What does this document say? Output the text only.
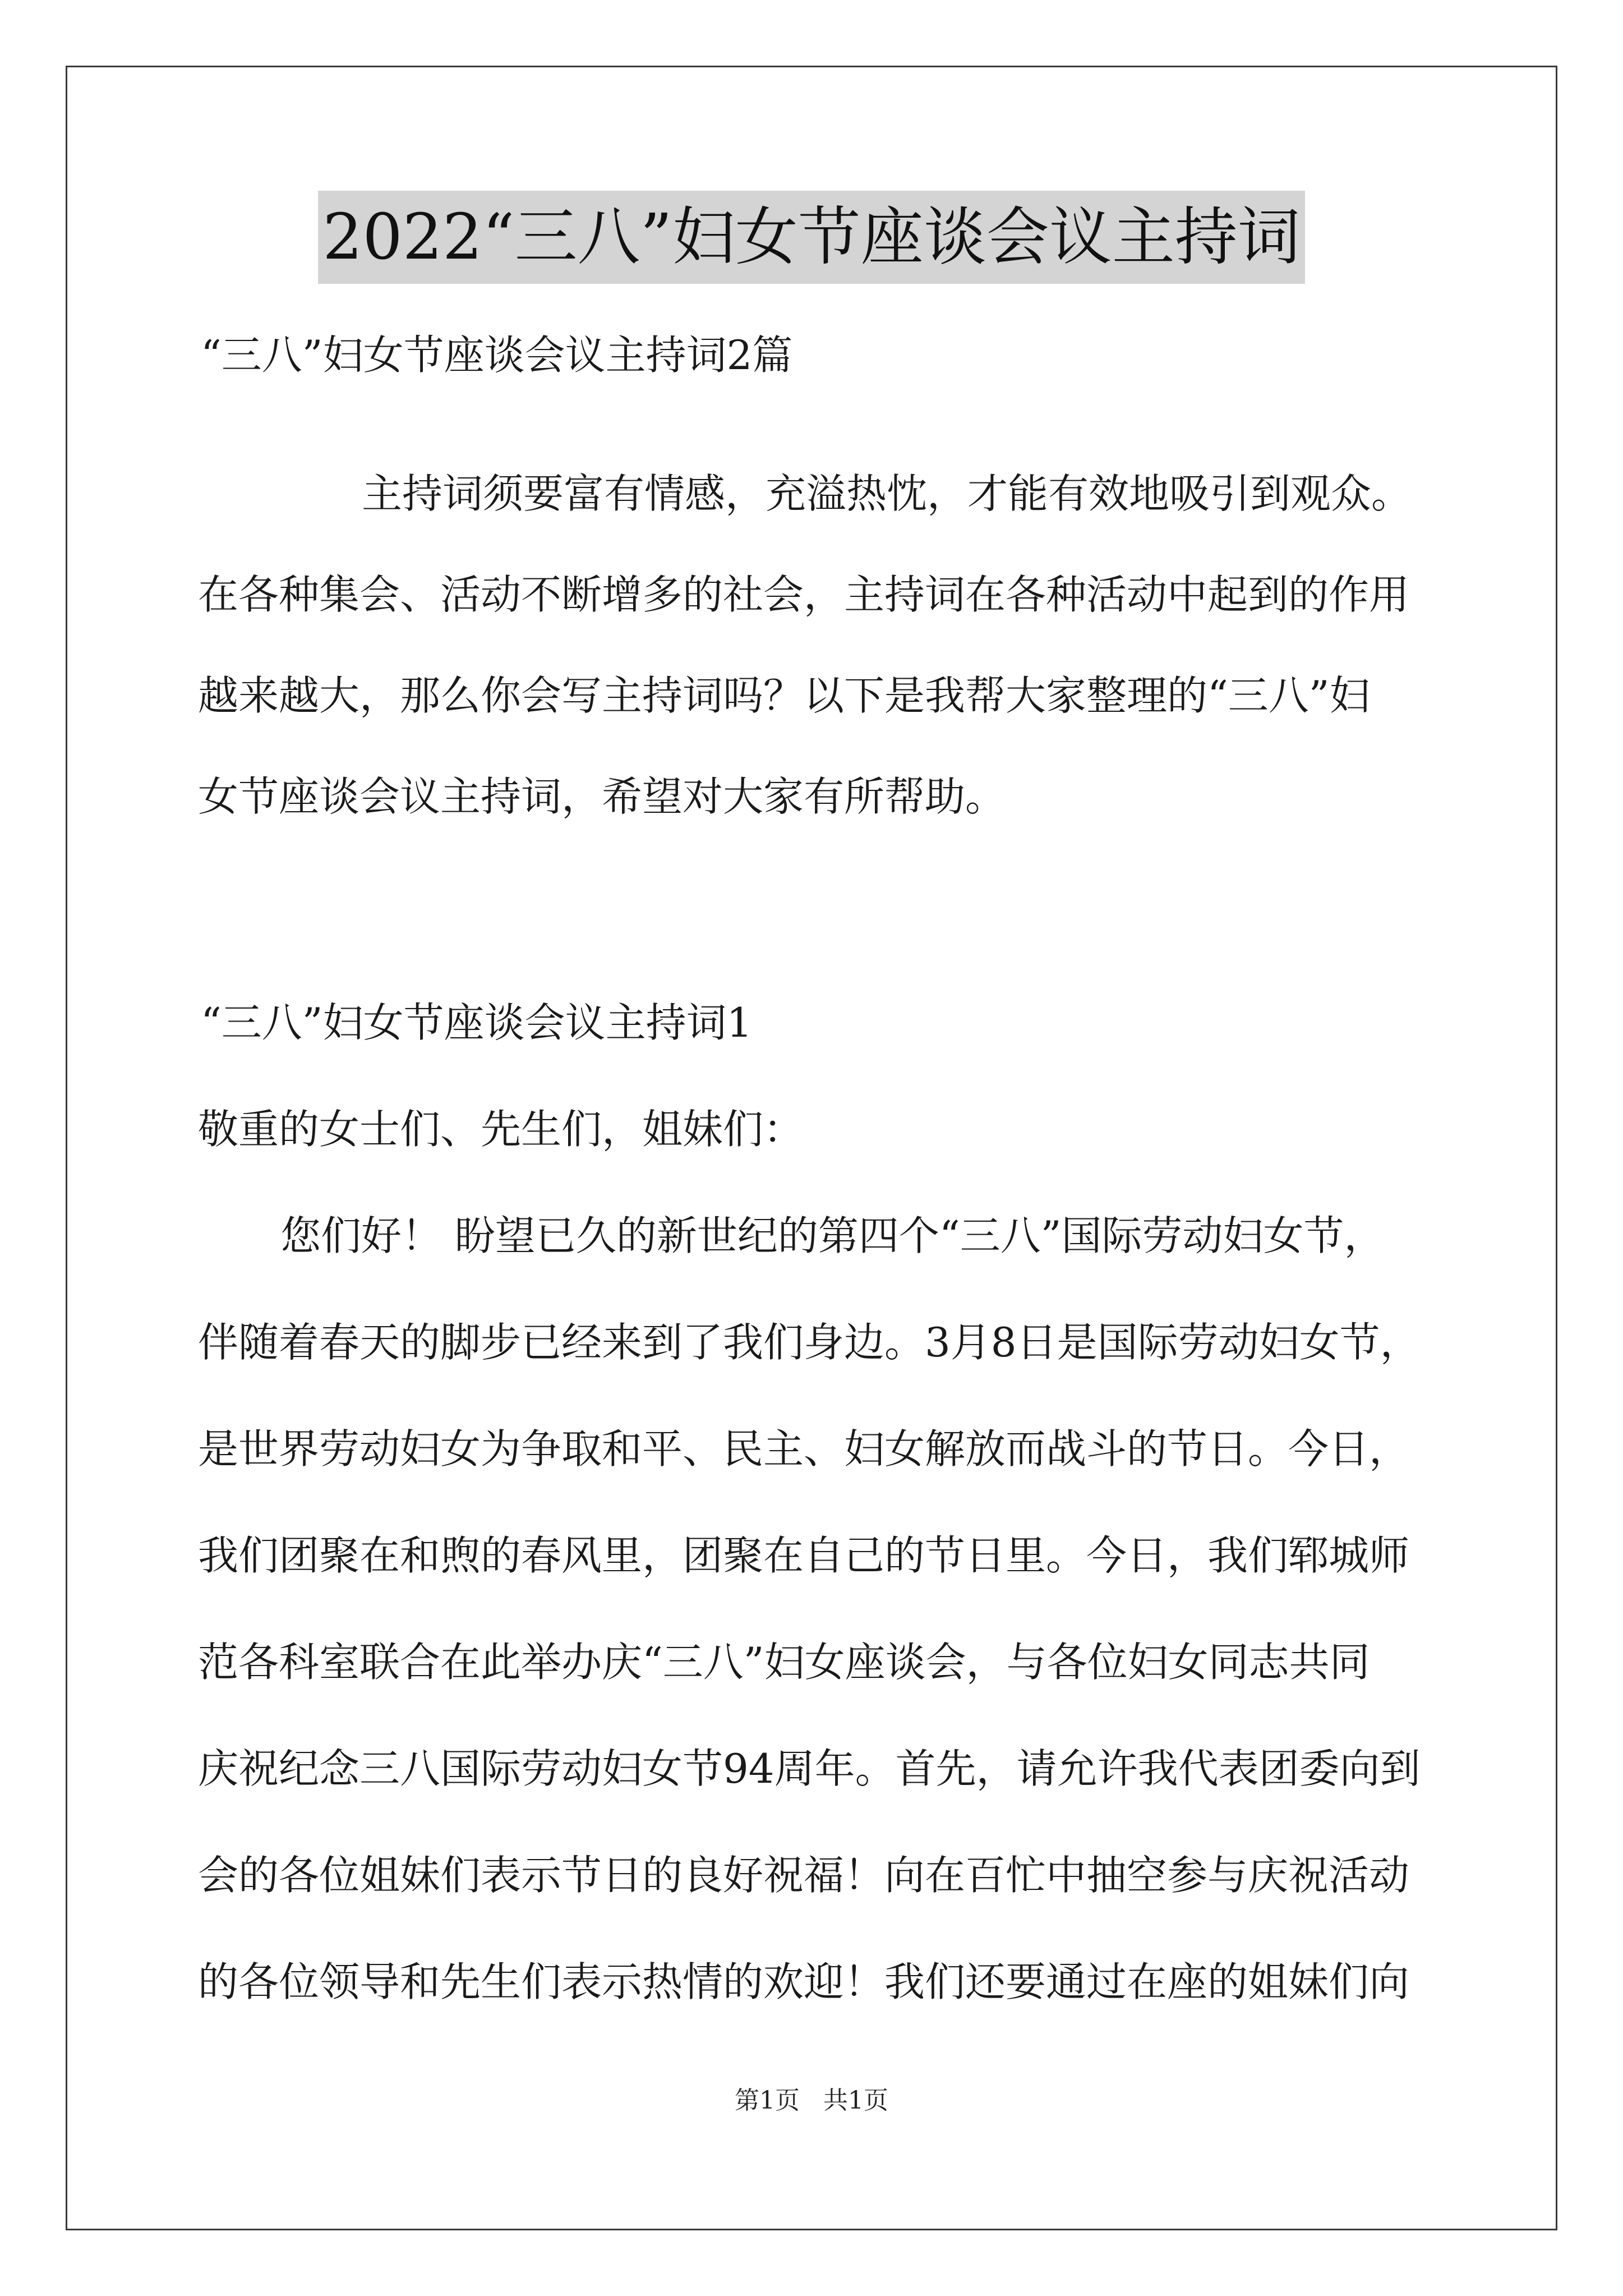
2022“三八”妇女节座谈会议主持词
“三八”妇女节座谈会议主持词2篇
主持词须要富有情感，充溢热忱，才能有效地吸引到观众。
在各种集会、活动不断增多的社会，主持词在各种活动中起到的作用
越来越大，那么你会写主持词吗？以下是我帮大家整理的“三八”妇
女节座谈会议主持词，希望对大家有所帮助。
“三八”妇女节座谈会议主持词1
敬重的女士们、先生们，姐妹们：
您们好！ 盼望已久的新世纪的第四个“三八”国际劳动妇女节，
伴随着春天的脚步已经来到了我们身边。3月8日是国际劳动妇女节，
是世界劳动妇女为争取和平、民主、妇女解放而战斗的节日。今日，
我们团聚在和煦的春风里，团聚在自己的节日里。今日，我们郓城师
范各科室联合在此举办庆“三八”妇女座谈会，与各位妇女同志共同
庆祝纪念三八国际劳动妇女节94周年。首先，请允许我代表团委向到
会的各位姐妹们表示节日的良好祝福！向在百忙中抽空参与庆祝活动
的各位领导和先生们表示热情的欢迎！我们还要通过在座的姐妹们向
第1页 共1页
